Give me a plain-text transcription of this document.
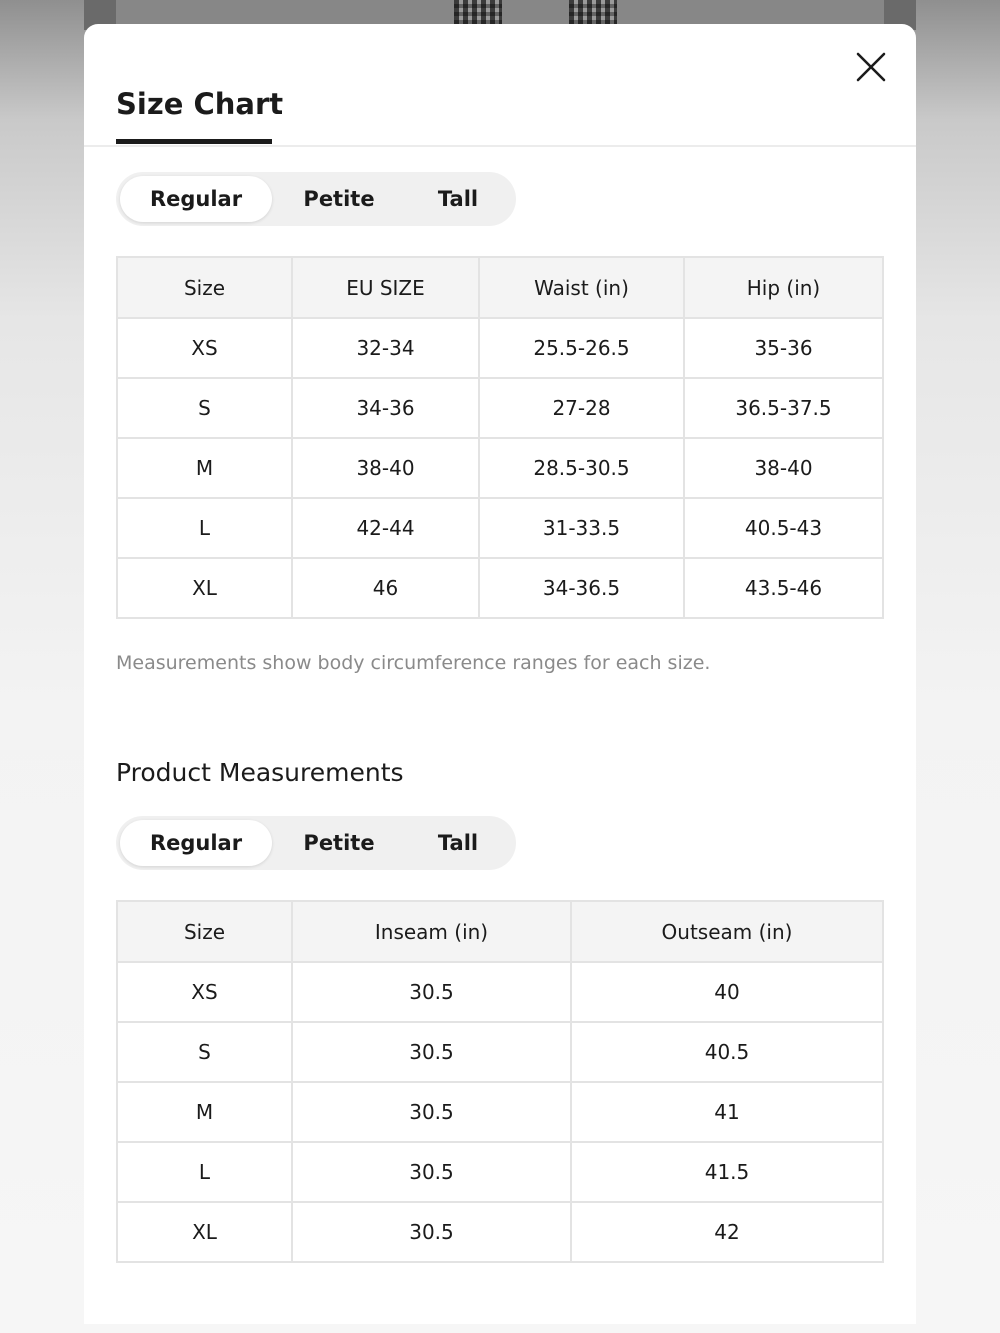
Size Chart
Regular	Petite	Tall
Size	EU SIZE	Waist (in)	Hip (in)
XS	32-34	25.5-26.5	35-36
S	34-36	27-28	36.5-37.5
M	38-40	28.5-30.5	38-40
L	42-44	31-33.5	40.5-43
XL	46	34-36.5	43.5-46

Measurements show body circumference ranges for each size.

Product Measurements
Regular	Petite	Tall
Size	Inseam (in)	Outseam (in)
XS	30.5	40
S	30.5	40.5
M	30.5	41
L	30.5	41.5
XL	30.5	42
